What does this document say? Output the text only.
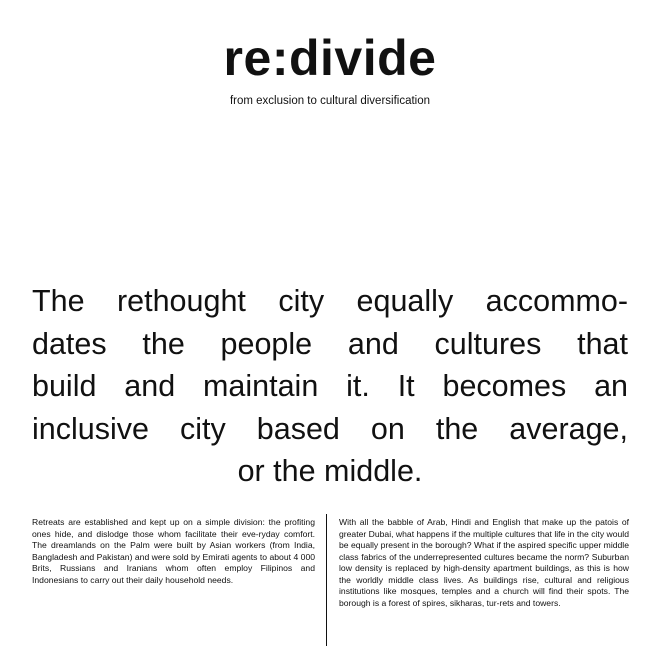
re:divide

from exclusion to cultural diversification

The rethought city equally accommo-
dates the people and cultures that
build and maintain it. It becomes an
inclusive city based on the average,
or the middle.

Retreats are established and kept up on a simple division: the profiting ones hide, and dislodge those whom facilitate their eve-ryday comfort. The dreamlands on the Palm were built by Asian workers (from India, Bangladesh and Pakistan) and were sold by Emirati agents to about 4 000 Brits, Russians and Iranians whom often employ Filipinos and Indonesians to carry out their daily household needs.

With all the babble of Arab, Hindi and English that make up the patois of greater Dubai, what happens if the multiple cultures that life in the city would be equally present in the borough? What if the aspired specific upper middle class fabrics of the underrepresented cultures became the norm? Suburban low density is replaced by high-density apartment buildings, as this is how the worldly middle class lives. As buildings rise, cultural and religious institutions like mosques, temples and a church will find their spots. The borough is a forest of spires, sikharas, tur-rets and towers.
